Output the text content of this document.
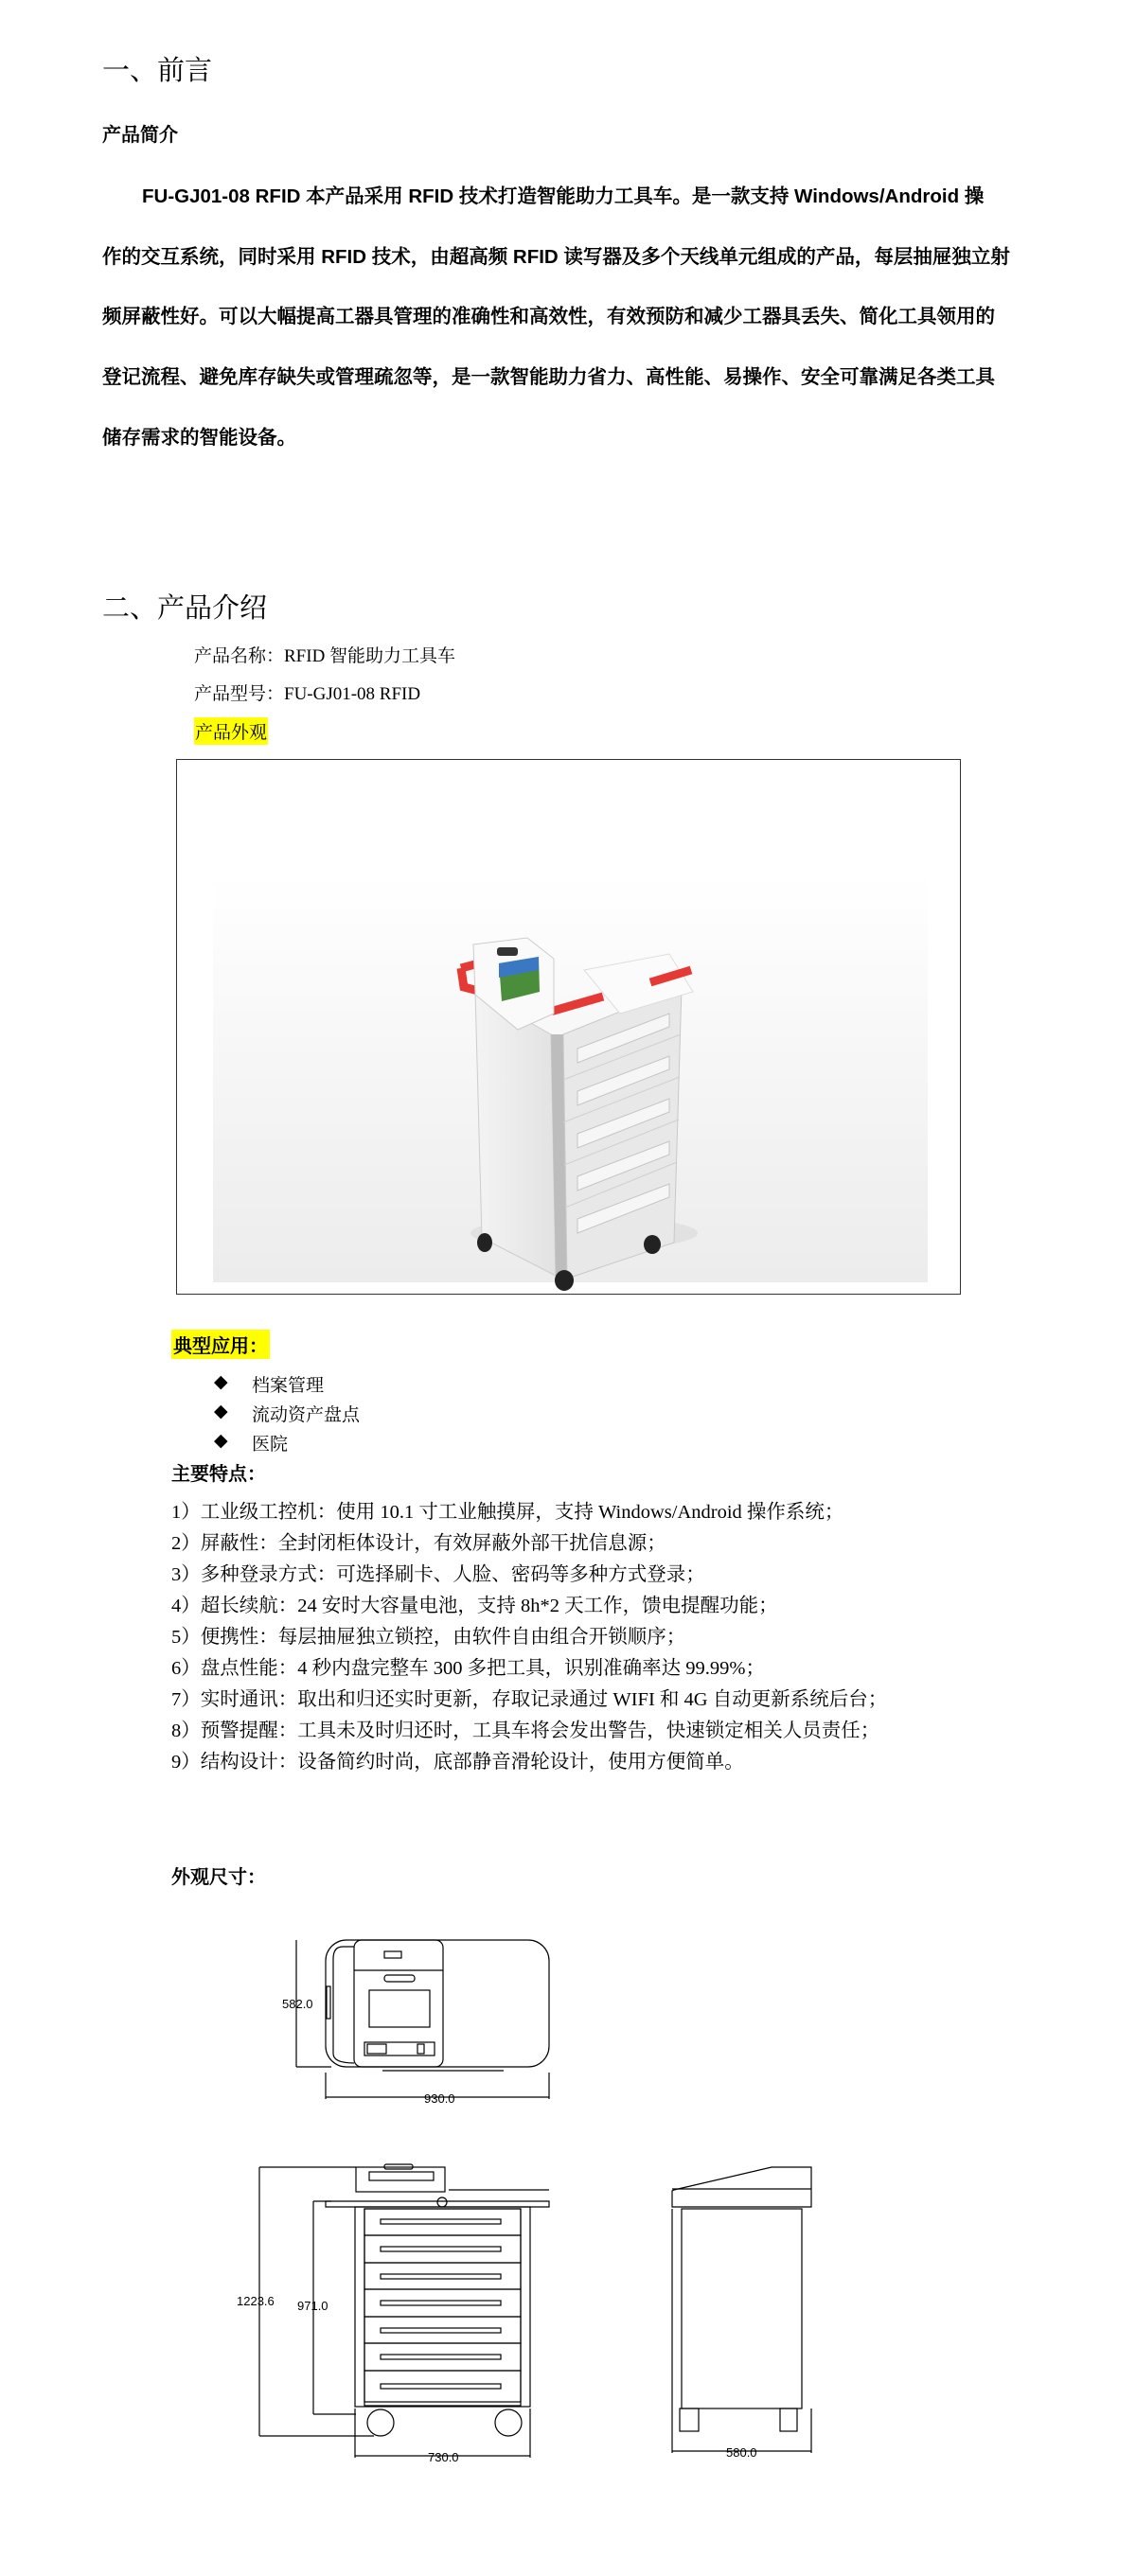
一、前言
产品简介
FU-GJ01-08 RFID 本产品采用 RFID 技术打造智能助力工具车。是一款支持 Windows/Android 操
作的交互系统，同时采用 RFID 技术，由超高频 RFID 读写器及多个天线单元组成的产品，每层抽屉独立射
频屏蔽性好。可以大幅提高工器具管理的准确性和高效性，有效预防和减少工器具丢失、简化工具领用的
登记流程、避免库存缺失或管理疏忽等，是一款智能助力省力、高性能、易操作、安全可靠满足各类工具
储存需求的智能设备。
二、产品介绍
产品名称：RFID 智能助力工具车
产品型号：FU-GJ01-08 RFID
产品外观
典型应用：
◆ 档案管理
◆ 流动资产盘点
◆ 医院
主要特点：
1）工业级工控机：使用 10.1 寸工业触摸屏，支持 Windows/Android 操作系统；
2）屏蔽性：全封闭柜体设计，有效屏蔽外部干扰信息源；
3）多种登录方式：可选择刷卡、人脸、密码等多种方式登录；
4）超长续航：24 安时大容量电池，支持 8h*2 天工作，馈电提醒功能；
5）便携性：每层抽屉独立锁控，由软件自由组合开锁顺序；
6）盘点性能：4 秒内盘完整车 300 多把工具，识别准确率达 99.99%；
7）实时通讯：取出和归还实时更新，存取记录通过 WIFI 和 4G 自动更新系统后台；
8）预警提醒：工具未及时归还时，工具车将会发出警告，快速锁定相关人员责任；
9）结构设计：设备简约时尚，底部静音滑轮设计，使用方便简单。
外观尺寸：
582.0
930.0
1223.6 971.0
730.0	580.0
